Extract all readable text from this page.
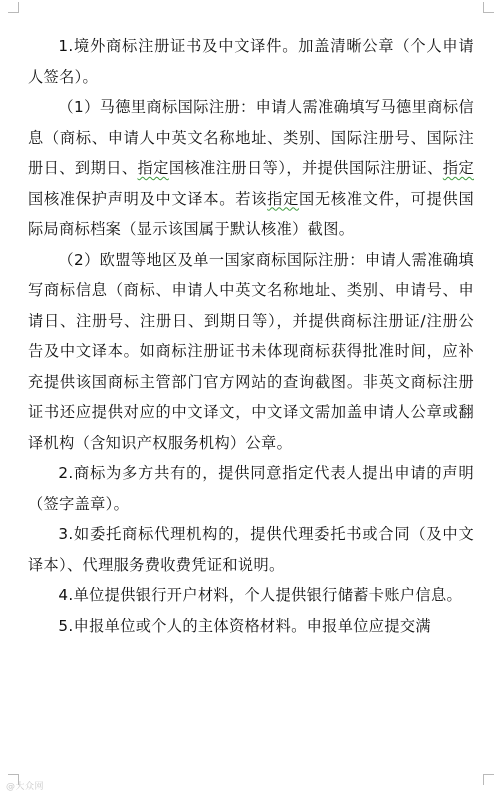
1.境外商标注册证书及中文译件。加盖清晰公章（个人申请人签名）。

（1）马德里商标国际注册：申请人需准确填写马德里商标信息（商标、申请人中英文名称地址、类别、国际注册号、国际注册日、到期日、指定国核准注册日等），并提供国际注册证、指定国核准保护声明及中文译本。若该指定国无核准文件，可提供国际局商标档案（显示该国属于默认核准）截图。

（2）欧盟等地区及单一国家商标国际注册：申请人需准确填写商标信息（商标、申请人中英文名称地址、类别、申请号、申请日、注册号、注册日、到期日等），并提供商标注册证/注册公告及中文译本。如商标注册证书未体现商标获得批准时间，应补充提供该国商标主管部门官方网站的查询截图。非英文商标注册证书还应提供对应的中文译文，中文译文需加盖申请人公章或翻译机构（含知识产权服务机构）公章。

2.商标为多方共有的，提供同意指定代表人提出申请的声明（签字盖章）。

3.如委托商标代理机构的，提供代理委托书或合同（及中文译本）、代理服务费收费凭证和说明。

4.单位提供银行开户材料，个人提供银行储蓄卡账户信息。

5.申报单位或个人的主体资格材料。申报单位应提交满

@大众网
